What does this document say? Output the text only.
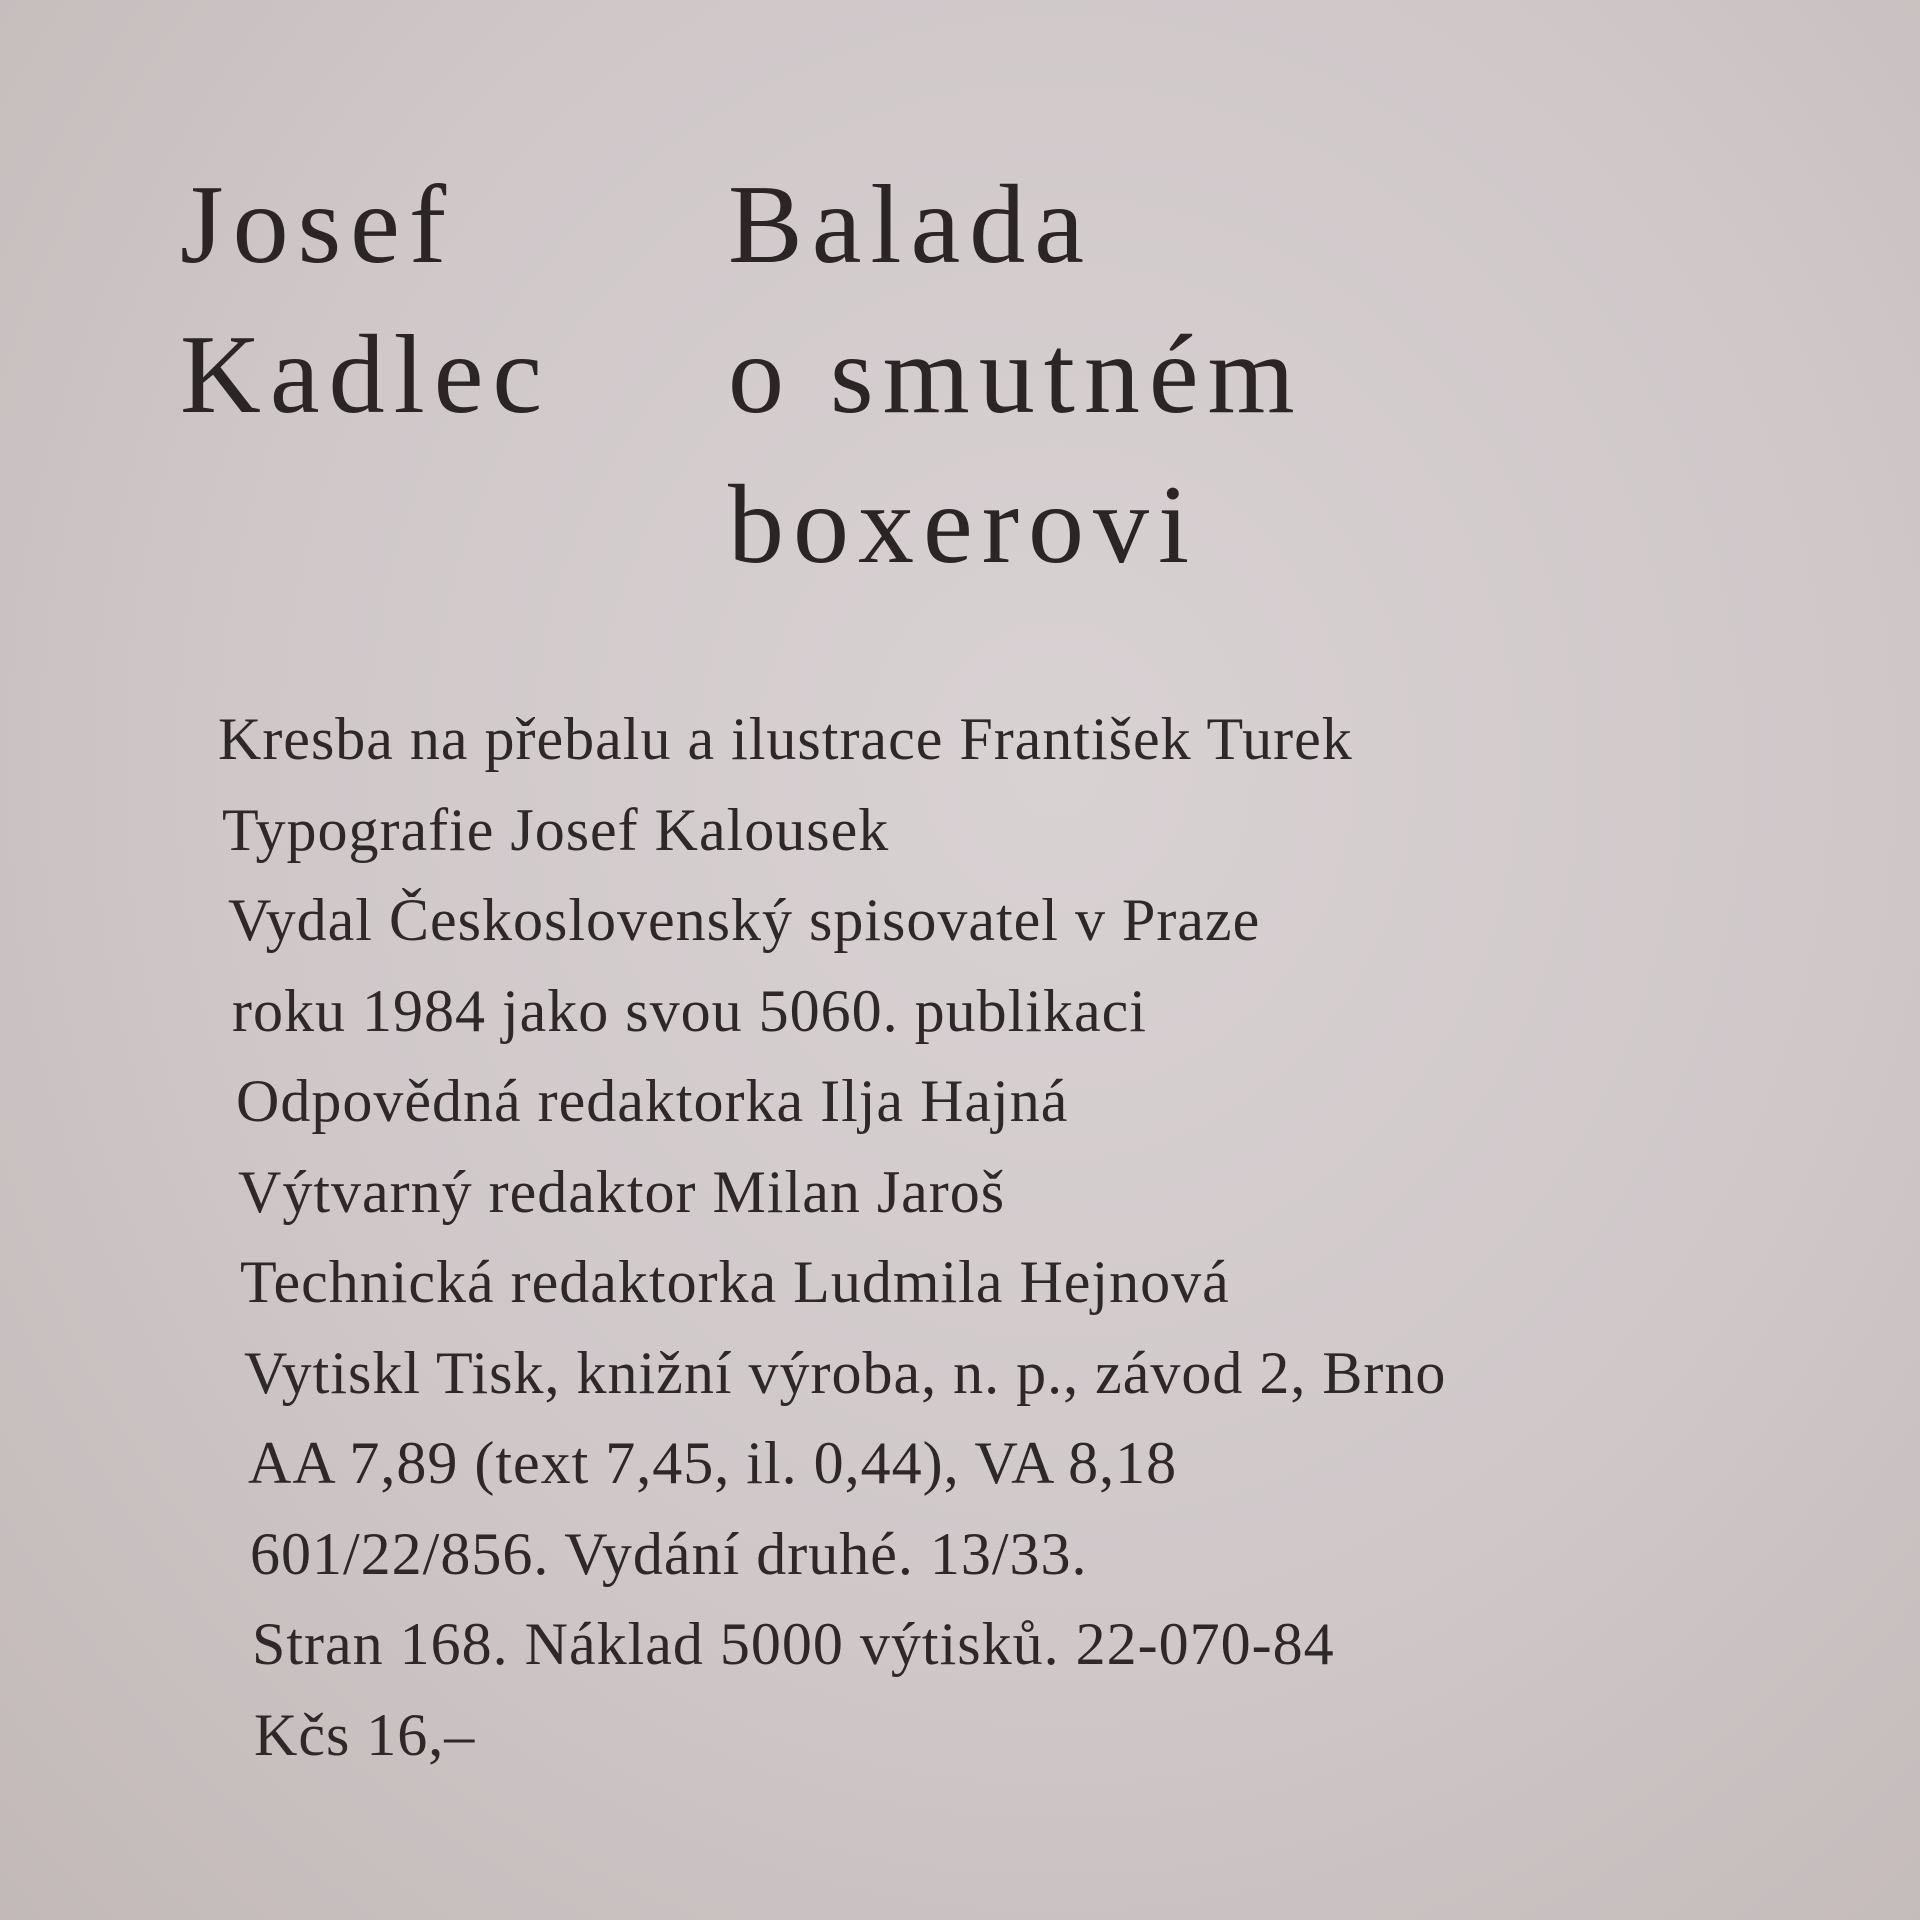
Josef
Kadlec
Balada
o smutném
boxerovi
Kresba na přebalu a ilustrace František Turek
Typografie Josef Kalousek
Vydal Československý spisovatel v Praze
roku 1984 jako svou 5060. publikaci
Odpovědná redaktorka Ilja Hajná
Výtvarný redaktor Milan Jaroš
Technická redaktorka Ludmila Hejnová
Vytiskl Tisk, knižní výroba, n. p., závod 2, Brno
AA 7,89 (text 7,45, il. 0,44), VA 8,18
601/22/856. Vydání druhé. 13/33.
Stran 168. Náklad 5000 výtisků. 22-070-84
Kčs 16,–
